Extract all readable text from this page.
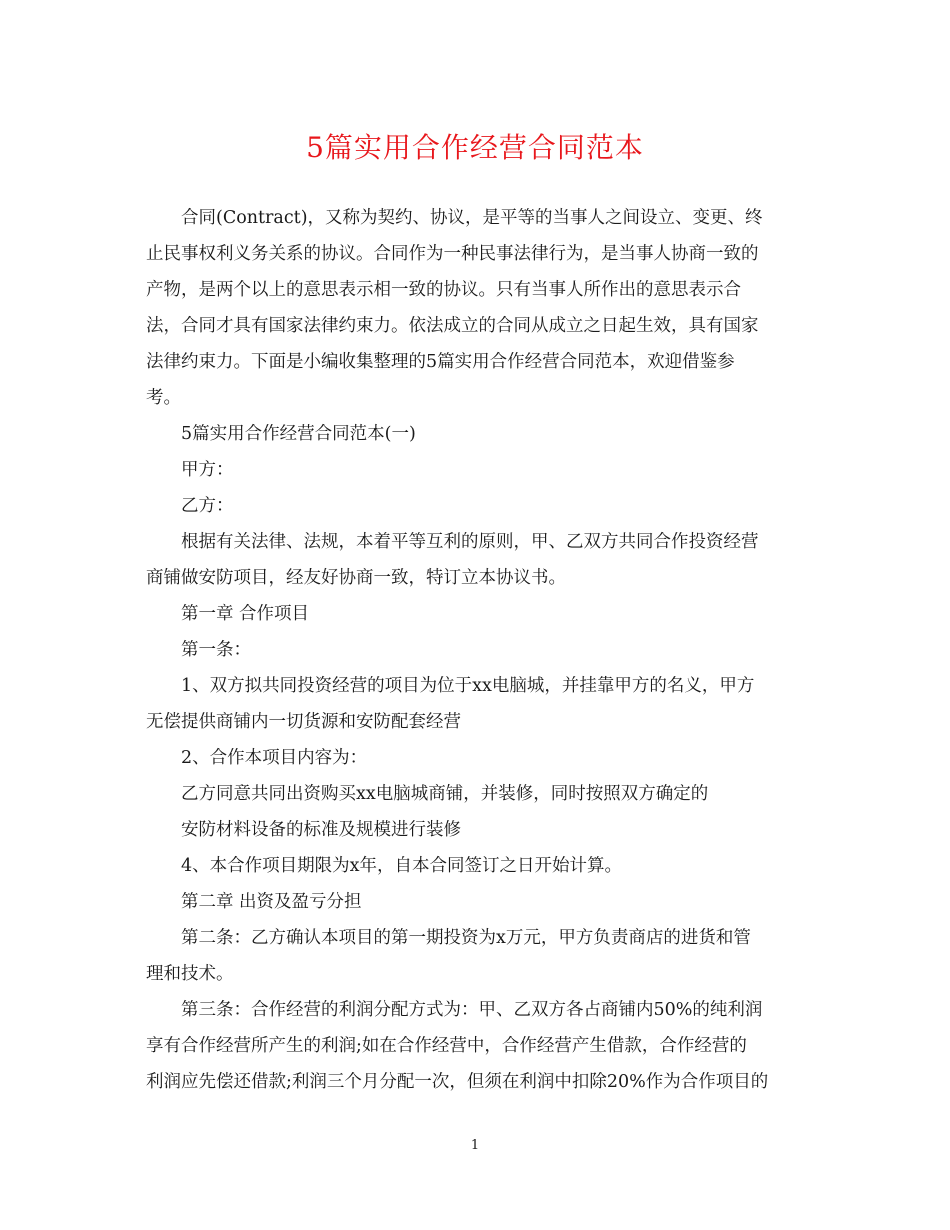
5篇实用合作经营合同范本

　　合同(Contract)，又称为契约、协议，是平等的当事人之间设立、变更、终

止民事权利义务关系的协议。合同作为一种民事法律行为，是当事人协商一致的

产物，是两个以上的意思表示相一致的协议。只有当事人所作出的意思表示合

法，合同才具有国家法律约束力。依法成立的合同从成立之日起生效，具有国家

法律约束力。下面是小编收集整理的5篇实用合作经营合同范本，欢迎借鉴参

考。

　　5篇实用合作经营合同范本(一)

　　甲方：

　　乙方：

　　根据有关法律、法规，本着平等互利的原则，甲、乙双方共同合作投资经营

商铺做安防项目，经友好协商一致，特订立本协议书。

　　第一章 合作项目

　　第一条：

　　1、双方拟共同投资经营的项目为位于xx电脑城，并挂靠甲方的名义，甲方

无偿提供商铺内一切货源和安防配套经营

　　2、合作本项目内容为：

　　乙方同意共同出资购买xx电脑城商铺，并装修，同时按照双方确定的

　　安防材料设备的标准及规模进行装修

　　4、本合作项目期限为x年，自本合同签订之日开始计算。

　　第二章 出资及盈亏分担

　　第二条：乙方确认本项目的第一期投资为x万元，甲方负责商店的进货和管

理和技术。

　　第三条：合作经营的利润分配方式为：甲、乙双方各占商铺内50%的纯利润

享有合作经营所产生的利润;如在合作经营中，合作经营产生借款，合作经营的

利润应先偿还借款;利润三个月分配一次，但须在利润中扣除20%作为合作项目的

1
